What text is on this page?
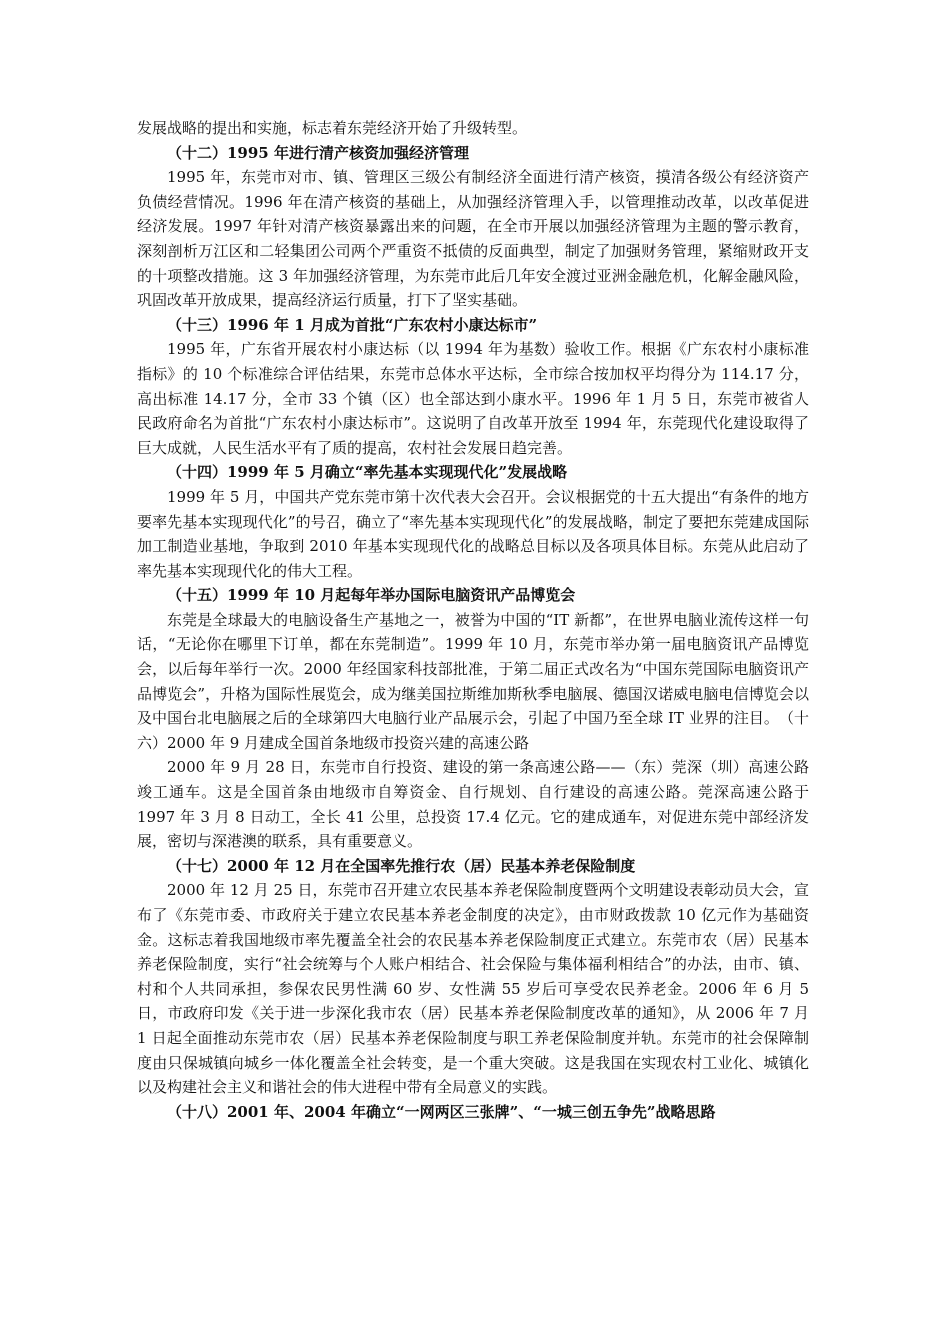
发展战略的提出和实施，标志着东莞经济开始了升级转型。

（十二）1995 年进行清产核资加强经济管理

1995 年，东莞市对市、镇、管理区三级公有制经济全面进行清产核资，摸清各级公有经济资产负债经营情况。1996 年在清产核资的基础上，从加强经济管理入手，以管理推动改革，以改革促进经济发展。1997 年针对清产核资暴露出来的问题，在全市开展以加强经济管理为主题的警示教育，深刻剖析万江区和二轻集团公司两个严重资不抵债的反面典型，制定了加强财务管理，紧缩财政开支的十项整改措施。这 3 年加强经济管理，为东莞市此后几年安全渡过亚洲金融危机，化解金融风险，巩固改革开放成果，提高经济运行质量，打下了坚实基础。

（十三）1996 年 1 月成为首批“广东农村小康达标市”

1995 年，广东省开展农村小康达标（以 1994 年为基数）验收工作。根据《广东农村小康标准指标》的 10 个标准综合评估结果，东莞市总体水平达标，全市综合按加权平均得分为 114.17 分，高出标准 14.17 分，全市 33 个镇（区）也全部达到小康水平。1996 年 1 月 5 日，东莞市被省人民政府命名为首批“广东农村小康达标市”。这说明了自改革开放至 1994 年，东莞现代化建设取得了巨大成就，人民生活水平有了质的提高，农村社会发展日趋完善。

（十四）1999 年 5 月确立“率先基本实现现代化”发展战略

1999 年 5 月，中国共产党东莞市第十次代表大会召开。会议根据党的十五大提出“有条件的地方要率先基本实现现代化”的号召，确立了“率先基本实现现代化”的发展战略，制定了要把东莞建成国际加工制造业基地，争取到 2010 年基本实现现代化的战略总目标以及各项具体目标。东莞从此启动了率先基本实现现代化的伟大工程。

（十五）1999 年 10 月起每年举办国际电脑资讯产品博览会

东莞是全球最大的电脑设备生产基地之一，被誉为中国的“IT 新都”，在世界电脑业流传这样一句话，“无论你在哪里下订单，都在东莞制造”。1999 年 10 月，东莞市举办第一届电脑资讯产品博览会，以后每年举行一次。2000 年经国家科技部批准，于第二届正式改名为“中国东莞国际电脑资讯产品博览会”，升格为国际性展览会，成为继美国拉斯维加斯秋季电脑展、德国汉诺威电脑电信博览会以及中国台北电脑展之后的全球第四大电脑行业产品展示会，引起了中国乃至全球 IT 业界的注目。　（十六）2000 年 9 月建成全国首条地级市投资兴建的高速公路

2000 年 9 月 28 日，东莞市自行投资、建设的第一条高速公路——（东）莞深（圳）高速公路竣工通车。这是全国首条由地级市自筹资金、自行规划、自行建设的高速公路。莞深高速公路于 1997 年 3 月 8 日动工，全长 41 公里，总投资 17.4 亿元。它的建成通车，对促进东莞中部经济发展，密切与深港澳的联系，具有重要意义。

（十七）2000 年 12 月在全国率先推行农（居）民基本养老保险制度

2000 年 12 月 25 日，东莞市召开建立农民基本养老保险制度暨两个文明建设表彰动员大会，宣布了《东莞市委、市政府关于建立农民基本养老金制度的决定》，由市财政拨款 10 亿元作为基础资金。这标志着我国地级市率先覆盖全社会的农民基本养老保险制度正式建立。东莞市农（居）民基本养老保险制度，实行“社会统筹与个人账户相结合、社会保险与集体福利相结合”的办法，由市、镇、村和个人共同承担，参保农民男性满 60 岁、女性满 55 岁后可享受农民养老金。2006 年 6 月 5 日，市政府印发《关于进一步深化我市农（居）民基本养老保险制度改革的通知》，从 2006 年 7 月 1 日起全面推动东莞市农（居）民基本养老保险制度与职工养老保险制度并轨。东莞市的社会保障制度由只保城镇向城乡一体化覆盖全社会转变，是一个重大突破。这是我国在实现农村工业化、城镇化以及构建社会主义和谐社会的伟大进程中带有全局意义的实践。

（十八）2001 年、2004 年确立“一网两区三张牌”、“一城三创五争先”战略思路
